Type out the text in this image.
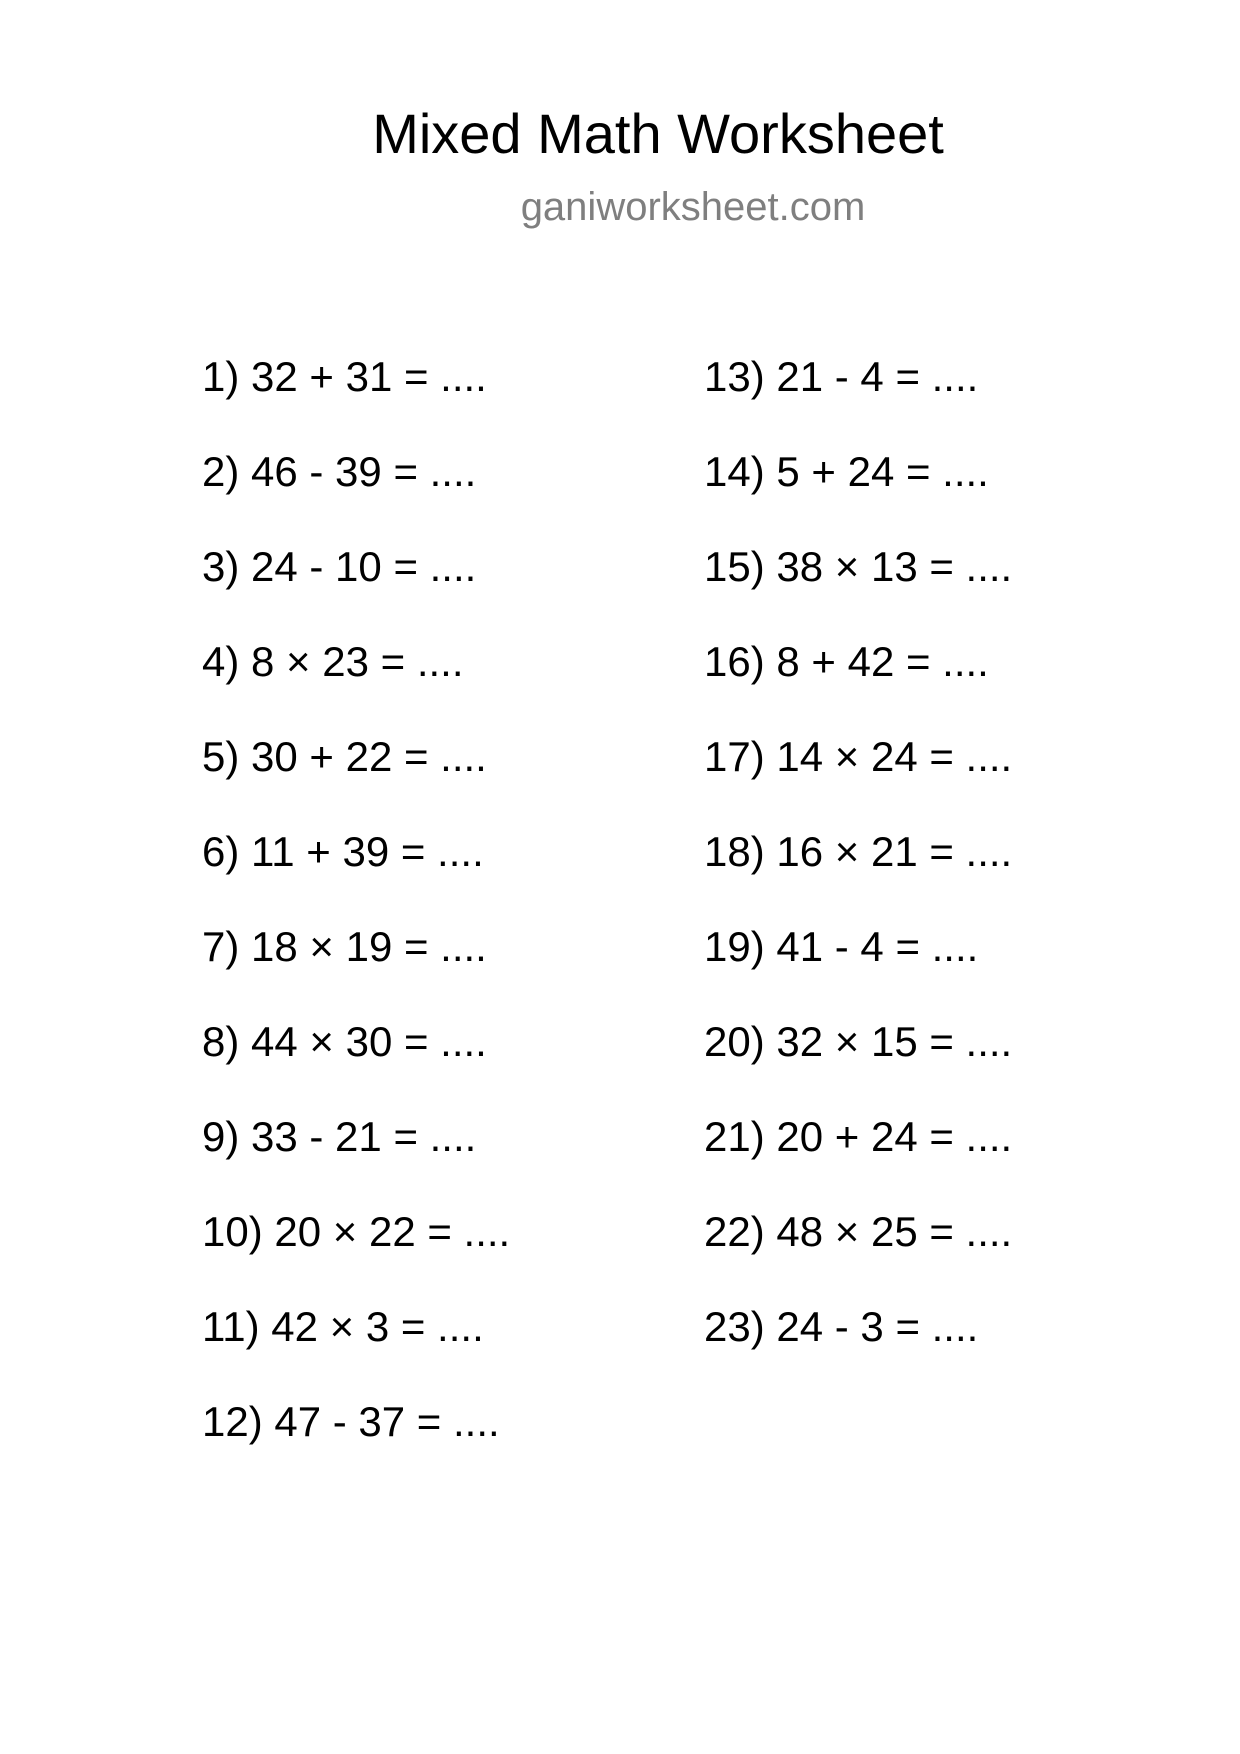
Mixed Math Worksheet
ganiworksheet.com
1) 32 + 31 = ....
2) 46 - 39 = ....
3) 24 - 10 = ....
4) 8 × 23 = ....
5) 30 + 22 = ....
6) 11 + 39 = ....
7) 18 × 19 = ....
8) 44 × 30 = ....
9) 33 - 21 = ....
10) 20 × 22 = ....
11) 42 × 3 = ....
12) 47 - 37 = ....
13) 21 - 4 = ....
14) 5 + 24 = ....
15) 38 × 13 = ....
16) 8 + 42 = ....
17) 14 × 24 = ....
18) 16 × 21 = ....
19) 41 - 4 = ....
20) 32 × 15 = ....
21) 20 + 24 = ....
22) 48 × 25 = ....
23) 24 - 3 = ....
